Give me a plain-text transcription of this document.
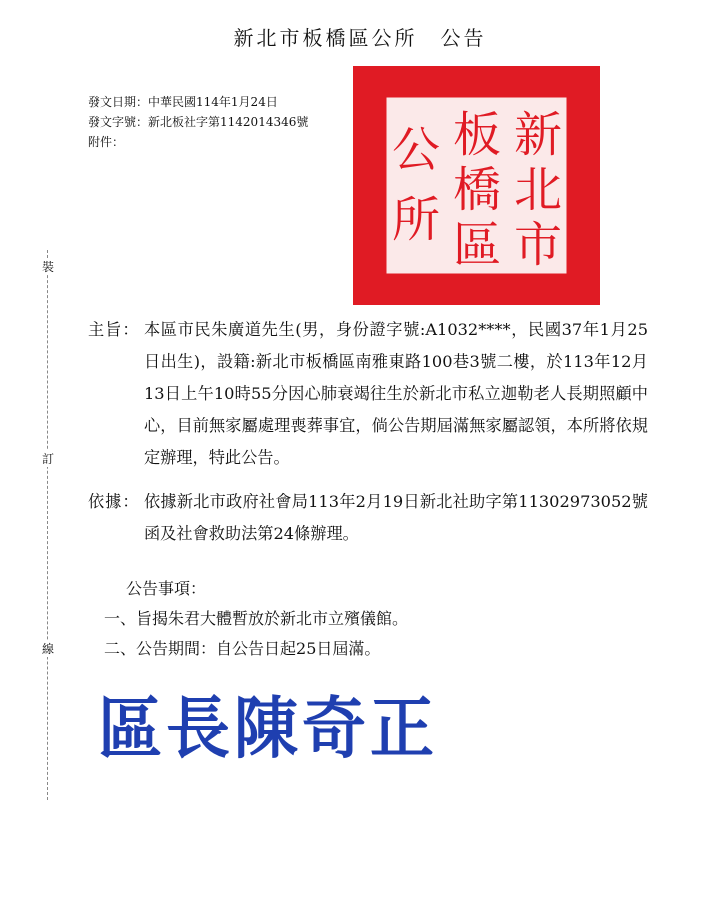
新北市板橋區公所　公告
發文日期：中華民國114年1月24日
發文字號：新北板社字第1142014346號
附件：
裝
訂
線
新
北
市
板
橋
區
公
所
主旨： 本區市民朱廣道先生(男，身份證字號:A1032****，民國37年1月25日出生)，設籍:新北市板橋區南雅東路100巷3號二樓，於113年12月13日上午10時55分因心肺衰竭往生於新北市私立迦勒老人長期照顧中心，目前無家屬處理喪葬事宜，倘公告期屆滿無家屬認領，本所將依規定辦理，特此公告。
依據： 依據新北市政府社會局113年2月19日新北社助字第11302973052號函及社會救助法第24條辦理。
公告事項：
一、旨揭朱君大體暫放於新北市立殯儀館。
二、公告期間：自公告日起25日屆滿。
區長陳奇正
